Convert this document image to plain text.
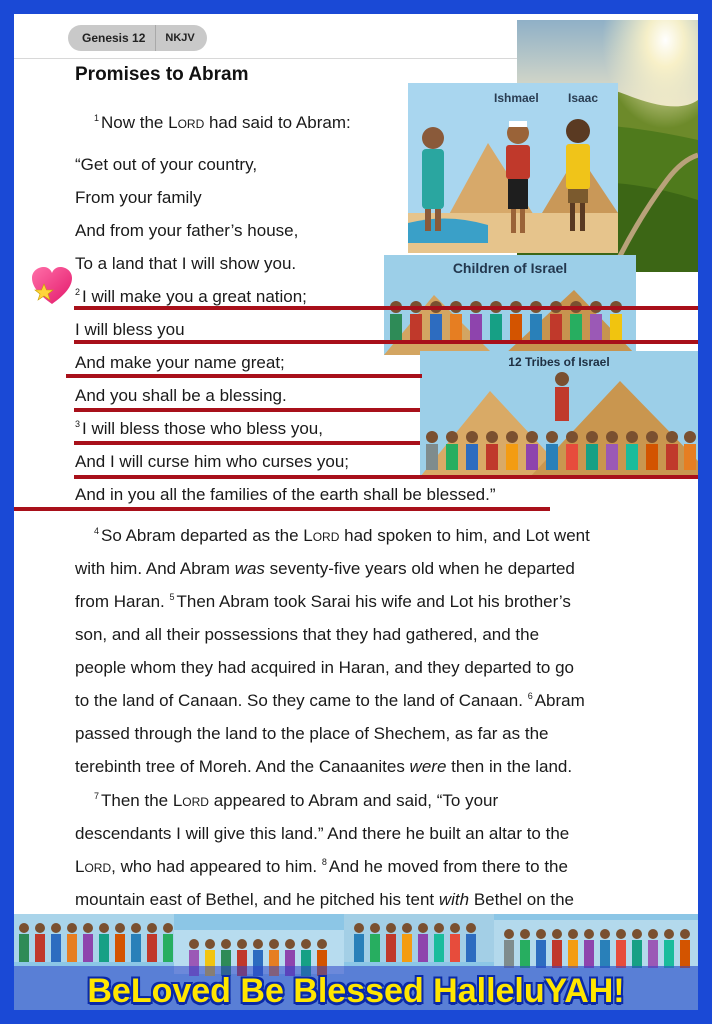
Genesis 12	NKJV
Ishmael Isaac
Children of Israel
12 Tribes of Israel
Promises to Abram
$^1$ Now the Lord had said to Abram:
“Get out of your country,
From your family
And from your father’s house,
To a land that I will show you.
$^2$ I will make you a great nation;
I will bless you
And make your name great;
And you shall be a blessing.
$^3$ I will bless those who bless you,
And I will curse him who curses you;
And in you all the families of the earth shall be blessed.”
$^4$ So Abram departed as the Lord had spoken to him, and Lot went
with him. And Abram was seventy-five years old when he departed
from Haran. $^5$ Then Abram took Sarai his wife and Lot his brother’s
son, and all their possessions that they had gathered, and the
people whom they had acquired in Haran, and they departed to go
to the land of Canaan. So they came to the land of Canaan. $^6$ Abram
passed through the land to the place of Shechem, as far as the
terebinth tree of Moreh. And the Canaanites were then in the land.
$^7$ Then the Lord appeared to Abram and said, “To your
descendants I will give this land.” And there he built an altar to the
Lord, who had appeared to him. $^8$ And he moved from there to the
mountain east of Bethel, and he pitched his tent with Bethel on the
BeLoved Be Blessed HalleluYAH!
